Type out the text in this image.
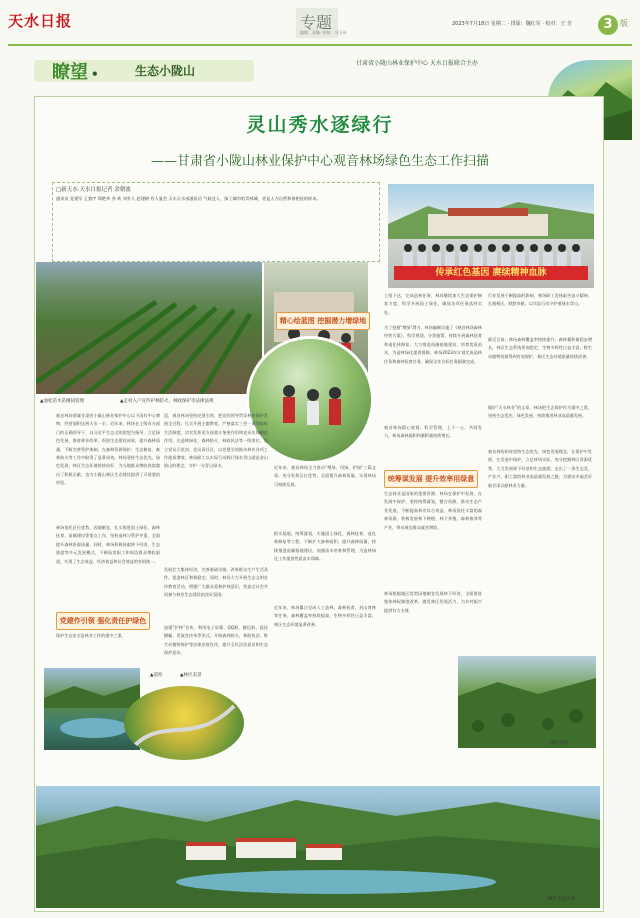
天水日报	专题
编辑：张颖 ·审核：刘玉伟
2023年7月18日 星期二 · 排版：魏红军 · 校对：王 芳	3 版
瞭望 •	生态小陇山
甘肃省小陇山林业保护中心 天水日报联合主办
灵山秀水逐绿行
——甘肃省小陇山林业保护中心观音林场绿色生态工作扫描
□新天水·天水日报记者 余朝波
通讯员 党建军 王寰宇 郑艳华 齐 欢 刘有人 赵建树 有人宴会 天水天水部通讯员 气候宜人、绿了城市的青林城、更是人为自然和谐相处的样本。
传承红色基因 赓续精神血脉
▲油松苗木苗圃间管理	▲走村入户宣传护林防火、林政保护等法律法规
精心绘蓝图 挖掘潜力增绿地
党建作引领 强化责任护绿色
统筹谋发展 提升效率用绿意
观音林场隶属甘肃省小陇山林业保护中心以下国有中心博物，经营面积达到天水一半。近年来，林场在上级有关部门的正确领导下，以习近平生态文明思想为指导，立足绿色发展，推进林业改革，巩固生态建设成果，提升森林质量，不断完善管护体制，在森林资源保护、生态修复、森林防火等工作中取得了显著成效。林场坚持生态优先、绿色发展，林区生态环境持续向好，为当地群众增收致富做出了积极贡献，也为小陇山林区生态建设提供了可借鉴的经验。
林场依托区位优势，因地制宜，扎实推进国土绿化、森林抚育、苗圃建设等重点工作，坚持造林与管护并重，全面提升森林资源质量。同时，林场积极探索林下经济、生态旅游等多元发展模式，不断拓宽职工和周边群众增收渠道，实现了生态效益、经济效益和社会效益的有机统一。
保护生态安全是林业工作的重中之重。
巡，观音林场坚持党建引领，把党的领导贯穿林业保护发展全过程，扎实开展主题教育，严格落实三会一课等组织生活制度，切实发挥党支部战斗堡垒作用和党员先锋模范作用。在造林绿化、森林防火、林政执法等一线岗位，设立党员示范岗、党员责任区，以党建引领推动林业各项工作提质增效。林场职工以实际行动践行绿水青山就是金山银山的理念，守护一方青山绿水。
发展壮大集体经济，完善基础设施，改善群众生产生活条件，促进林区和谐稳定。同时，林场大力开展生态文明宣传教育活动，增强广大群众爱林护林意识，营造全社会共同参与林业生态建设的良好氛围。
加强"护林"宣传，利用电子屏幕、QQ群、微信群、悬挂横幅、发放宣传单等形式，开展森林防火、林政执法、野生动植物保护等法律法规宣传，提升全民法治意识和生态保护意识。
近年来，观音林场全力推动"增绿、用绿、护绿"三篇文章，充分发挥区位优势，全面提升森林质量，实现林场可持续发展。
抓实基础，统筹谋划，实施国土绿化、森林抚育、退化林修复等工程，不断扩大森林面积、提升森林质量，持续推进苗圃基地建设，加强苗木培育和管理，为造林绿化工作提供优质苗木保障。
近年来，林场累计完成人工造林、森林抚育、封山育林等任务，森林覆盖率持续提高，生物多样性日益丰富，林区生态环境显著改善。
上级下达，完成造林任务，林场继续加大生态保护修复力度，科学开展国土绿化，确保各项任务落到实处。
为了挖掘"增绿"潜力，林场编制实施了《观音林场森林经营方案》，科学规划，分类施策，持续开展森林抚育和退化林修复，大力推进苗圃基地建设，培育优质苗木，为造林绿化提供保障。林场2023年计划完成造林任务和森林抚育任务，确保全年目标任务圆满完成。
观音林场精心规划，科学管理，上下一心，共同发力，林场森林面积和蓄积量持续增长。
生态林业是国家的重要资源，林场在保护中发展、在发展中保护，坚持统筹谋划，整合资源，推动生态产业发展，不断提高林业综合效益。林场依托丰富的森林资源，积极发展林下种植、林下养殖、森林康养等产业，带动周边群众就业增收。
林场根据地区优势因地制宜发展林下经济，全面推进集体林权制度改革，激发林区发展活力，为乡村振兴提供有力支撑。
行业发展不断提高的影响，林场职工发扬艰苦奋斗精神，扎根林区，默默奉献，以实际行动守护着绿水青山。
截至目前，林场森林覆盖率持续提升，森林蓄积量稳步增长，林区生态系统更加稳定，生物多样性日益丰富，野生动植物资源得到有效保护，林区生态环境质量持续改善。
做好"天水林业"的文章，林场把生态保护作为重中之重，坚持生态优先、绿色发展，持续推进林业高质量发展。
观音林场始终坚持生态优先、绿色发展理念，在保护中发展、在发展中保护，立足林场实际，充分挖掘林区资源优势，大力发展林下经济和生态旅游，走出了一条生态美、产业兴、职工富的林业高质量发展之路，为建设幸福美好新甘肃贡献林业力量。
▲巡检	▲林区美景
国有林场
林区生态环境
